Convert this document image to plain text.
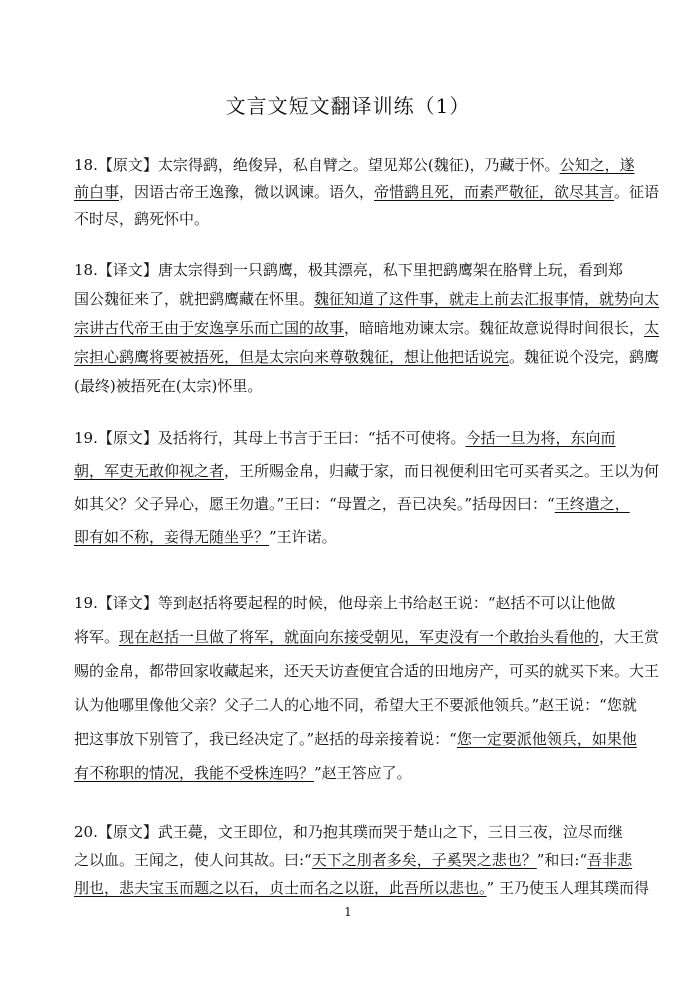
文言文短文翻译训练（1）
18.【原文】太宗得鹞，绝俊异，私自臂之。望见郑公(魏征)，乃藏于怀。公知之，遂
前白事，因语古帝王逸豫，微以讽谏。语久，帝惜鹞且死，而素严敬征，欲尽其言。征语
不时尽，鹞死怀中。
18.【译文】唐太宗得到一只鹞鹰，极其漂亮，私下里把鹞鹰架在胳臂上玩，看到郑
国公魏征来了，就把鹞鹰藏在怀里。魏征知道了这件事，就走上前去汇报事情，就势向太
宗讲古代帝王由于安逸享乐而亡国的故事，暗暗地劝谏太宗。魏征故意说得时间很长，太
宗担心鹞鹰将要被捂死，但是太宗向来尊敬魏征，想让他把话说完。魏征说个没完，鹞鹰
(最终)被捂死在(太宗)怀里。
19.【原文】及括将行，其母上书言于王曰：“括不可使将。今括一旦为将，东向而
朝，军吏无敢仰视之者，王所赐金帛，归藏于家，而日视便利田宅可买者买之。王以为何
如其父？父子异心，愿王勿遣。”王曰：“母置之，吾已决矣。”括母因曰：“王终遣之，
即有如不称，妾得无随坐乎？”王许诺。
19.【译文】等到赵括将要起程的时候，他母亲上书给赵王说：“赵括不可以让他做
将军。现在赵括一旦做了将军，就面向东接受朝见，军吏没有一个敢抬头看他的，大王赏
赐的金帛，都带回家收藏起来，还天天访查便宜合适的田地房产，可买的就买下来。大王
认为他哪里像他父亲？父子二人的心地不同，希望大王不要派他领兵。”赵王说：“您就
把这事放下别管了，我已经决定了。”赵括的母亲接着说：“您一定要派他领兵，如果他
有不称职的情况，我能不受株连吗？”赵王答应了。
20.【原文】武王薨，文王即位，和乃抱其璞而哭于楚山之下，三日三夜，泣尽而继
之以血。王闻之，使人问其故。曰:“天下之刖者多矣，子奚哭之悲也？”和曰:“吾非悲
刖也，悲夫宝玉而题之以石，贞士而名之以诳，此吾所以悲也。” 王乃使玉人理其璞而得
1
